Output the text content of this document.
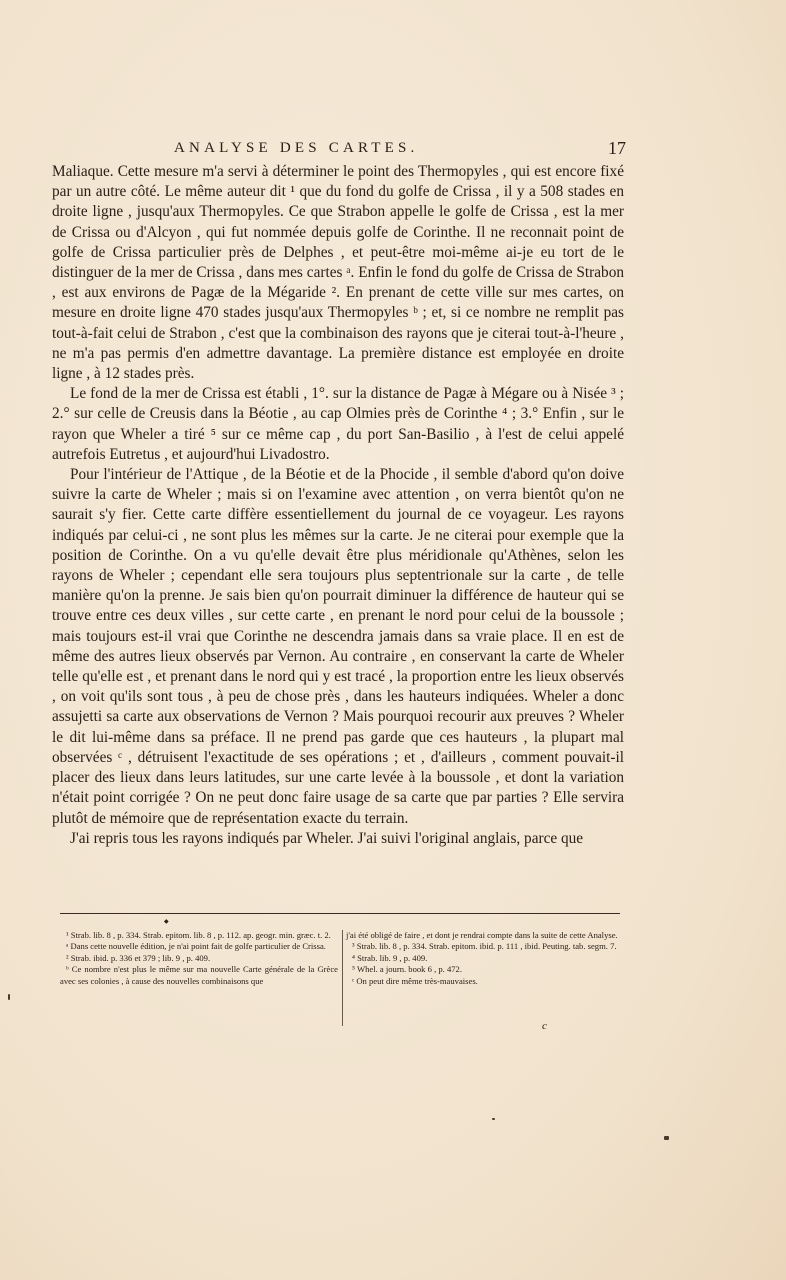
ANALYSE DES CARTES.	17

Maliaque. Cette mesure m'a servi à déterminer le point des Thermopyles , qui est encore fixé par un autre côté. Le même auteur dit ¹ que du fond du golfe de Crissa , il y a 508 stades en droite ligne , jusqu'aux Thermopyles. Ce que Strabon appelle le golfe de Crissa , est la mer de Crissa ou d'Alcyon , qui fut nommée depuis golfe de Corinthe. Il ne reconnait point de golfe de Crissa particulier près de Delphes , et peut-être moi-même ai-je eu tort de le distinguer de la mer de Crissa , dans mes cartes ᵃ. Enfin le fond du golfe de Crissa de Strabon , est aux environs de Pagæ de la Mégaride ². En prenant de cette ville sur mes cartes, on mesure en droite ligne 470 stades jusqu'aux Thermopyles ᵇ ; et, si ce nombre ne remplit pas tout-à-fait celui de Strabon , c'est que la combinaison des rayons que je citerai tout-à-l'heure , ne m'a pas permis d'en admettre davantage. La première distance est employée en droite ligne , à 12 stades près.

Le fond de la mer de Crissa est établi , 1°. sur la distance de Pagæ à Mégare ou à Nisée ³ ; 2.° sur celle de Creusis dans la Béotie , au cap Olmies près de Corinthe ⁴ ; 3.° Enfin , sur le rayon que Wheler a tiré ⁵ sur ce même cap , du port San-Basilio , à l'est de celui appelé autrefois Eutretus , et aujourd'hui Livadostro.

Pour l'intérieur de l'Attique , de la Béotie et de la Phocide , il semble d'abord qu'on doive suivre la carte de Wheler ; mais si on l'examine avec attention , on verra bientôt qu'on ne saurait s'y fier. Cette carte diffère essentiellement du journal de ce voyageur. Les rayons indiqués par celui-ci , ne sont plus les mêmes sur la carte. Je ne citerai pour exemple que la position de Corinthe. On a vu qu'elle devait être plus méridionale qu'Athènes, selon les rayons de Wheler ; cependant elle sera toujours plus septentrionale sur la carte , de telle manière qu'on la prenne. Je sais bien qu'on pourrait diminuer la différence de hauteur qui se trouve entre ces deux villes , sur cette carte , en prenant le nord pour celui de la boussole ; mais toujours est-il vrai que Corinthe ne descendra jamais dans sa vraie place. Il en est de même des autres lieux observés par Vernon. Au contraire , en conservant la carte de Wheler telle qu'elle est , et prenant dans le nord qui y est tracé , la proportion entre les lieux observés , on voit qu'ils sont tous , à peu de chose près , dans les hauteurs indiquées. Wheler a donc assujetti sa carte aux observations de Vernon ? Mais pourquoi recourir aux preuves ? Wheler le dit lui-même dans sa préface. Il ne prend pas garde que ces hauteurs , la plupart mal observées ᶜ , détruisent l'exactitude de ses opérations ; et , d'ailleurs , comment pouvait-il placer des lieux dans leurs latitudes, sur une carte levée à la boussole , et dont la variation n'était point corrigée ? On ne peut donc faire usage de sa carte que par parties ? Elle servira plutôt de mémoire que de représentation exacte du terrain.

J'ai repris tous les rayons indiqués par Wheler. J'ai suivi l'original anglais, parce que

◆

¹ Strab. lib. 8 , p. 334. Strab. epitom. lib. 8 , p. 112. ap. geogr. min. græc. t. 2.

ᵃ Dans cette nouvelle édition, je n'ai point fait de golfe particulier de Crissa.

² Strab. ibid. p. 336 et 379 ; lib. 9 , p. 409.

ᵇ Ce nombre n'est plus le même sur ma nouvelle Carte générale de la Grèce avec ses colonies , à cause des nouvelles combinaisons que

j'ai été obligé de faire , et dont je rendrai compte dans la suite de cette Analyse.

³ Strab. lib. 8 , p. 334. Strab. epitom. ibid. p. 111 , ibid. Peuting. tab. segm. 7.

⁴ Strab. lib. 9 , p. 409.

⁵ Whel. a journ. book 6 , p. 472.

ᶜ On peut dire même très-mauvaises.

c
